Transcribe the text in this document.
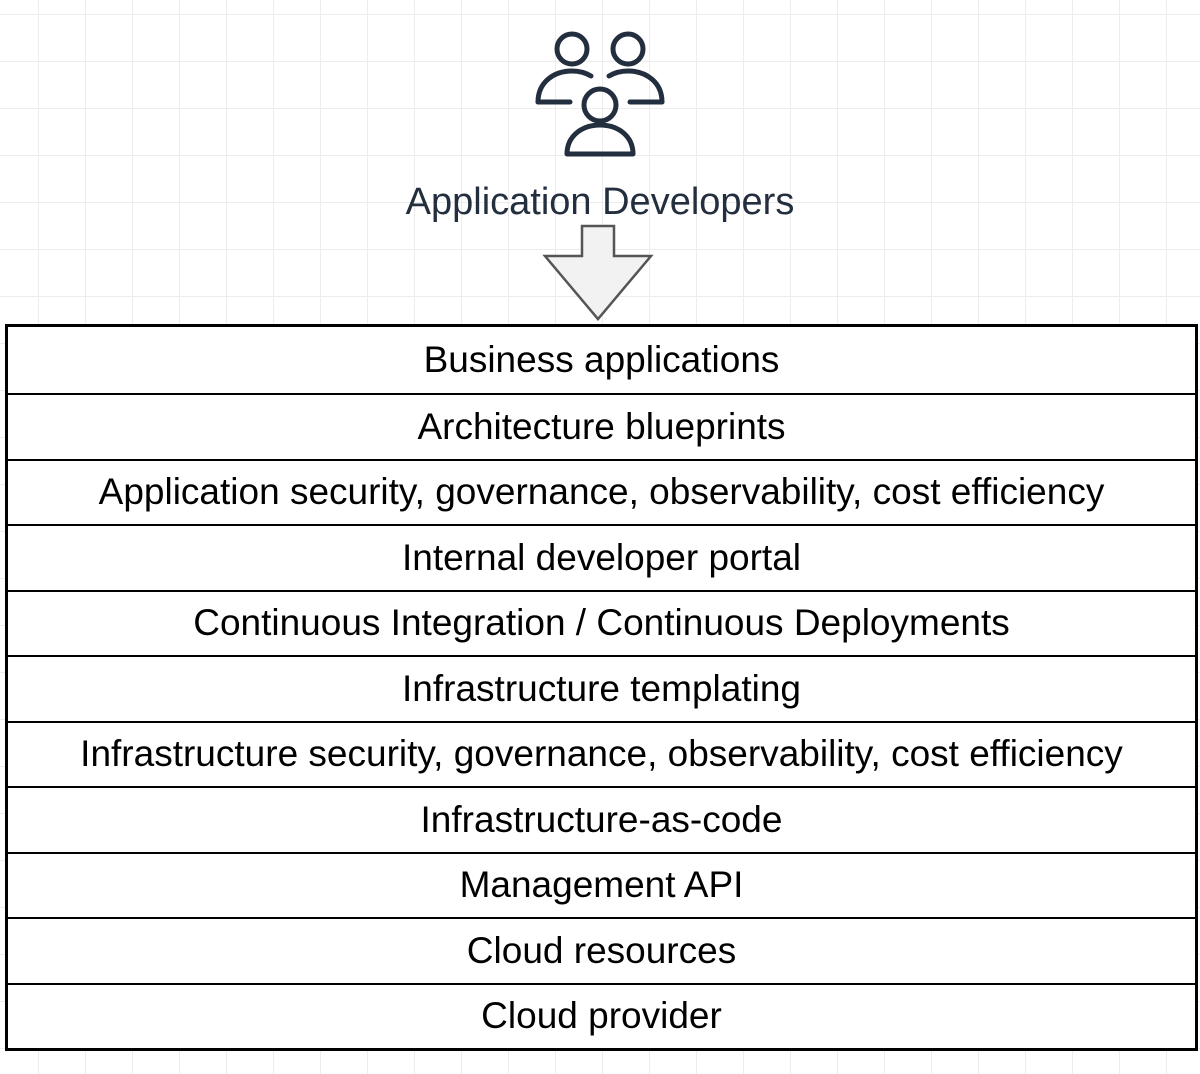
Application Developers
Business applications
Architecture blueprints
Application security, governance, observability, cost efficiency
Internal developer portal
Continuous Integration / Continuous Deployments
Infrastructure templating
Infrastructure security, governance, observability, cost efficiency
Infrastructure-as-code
Management API
Cloud resources
Cloud provider
